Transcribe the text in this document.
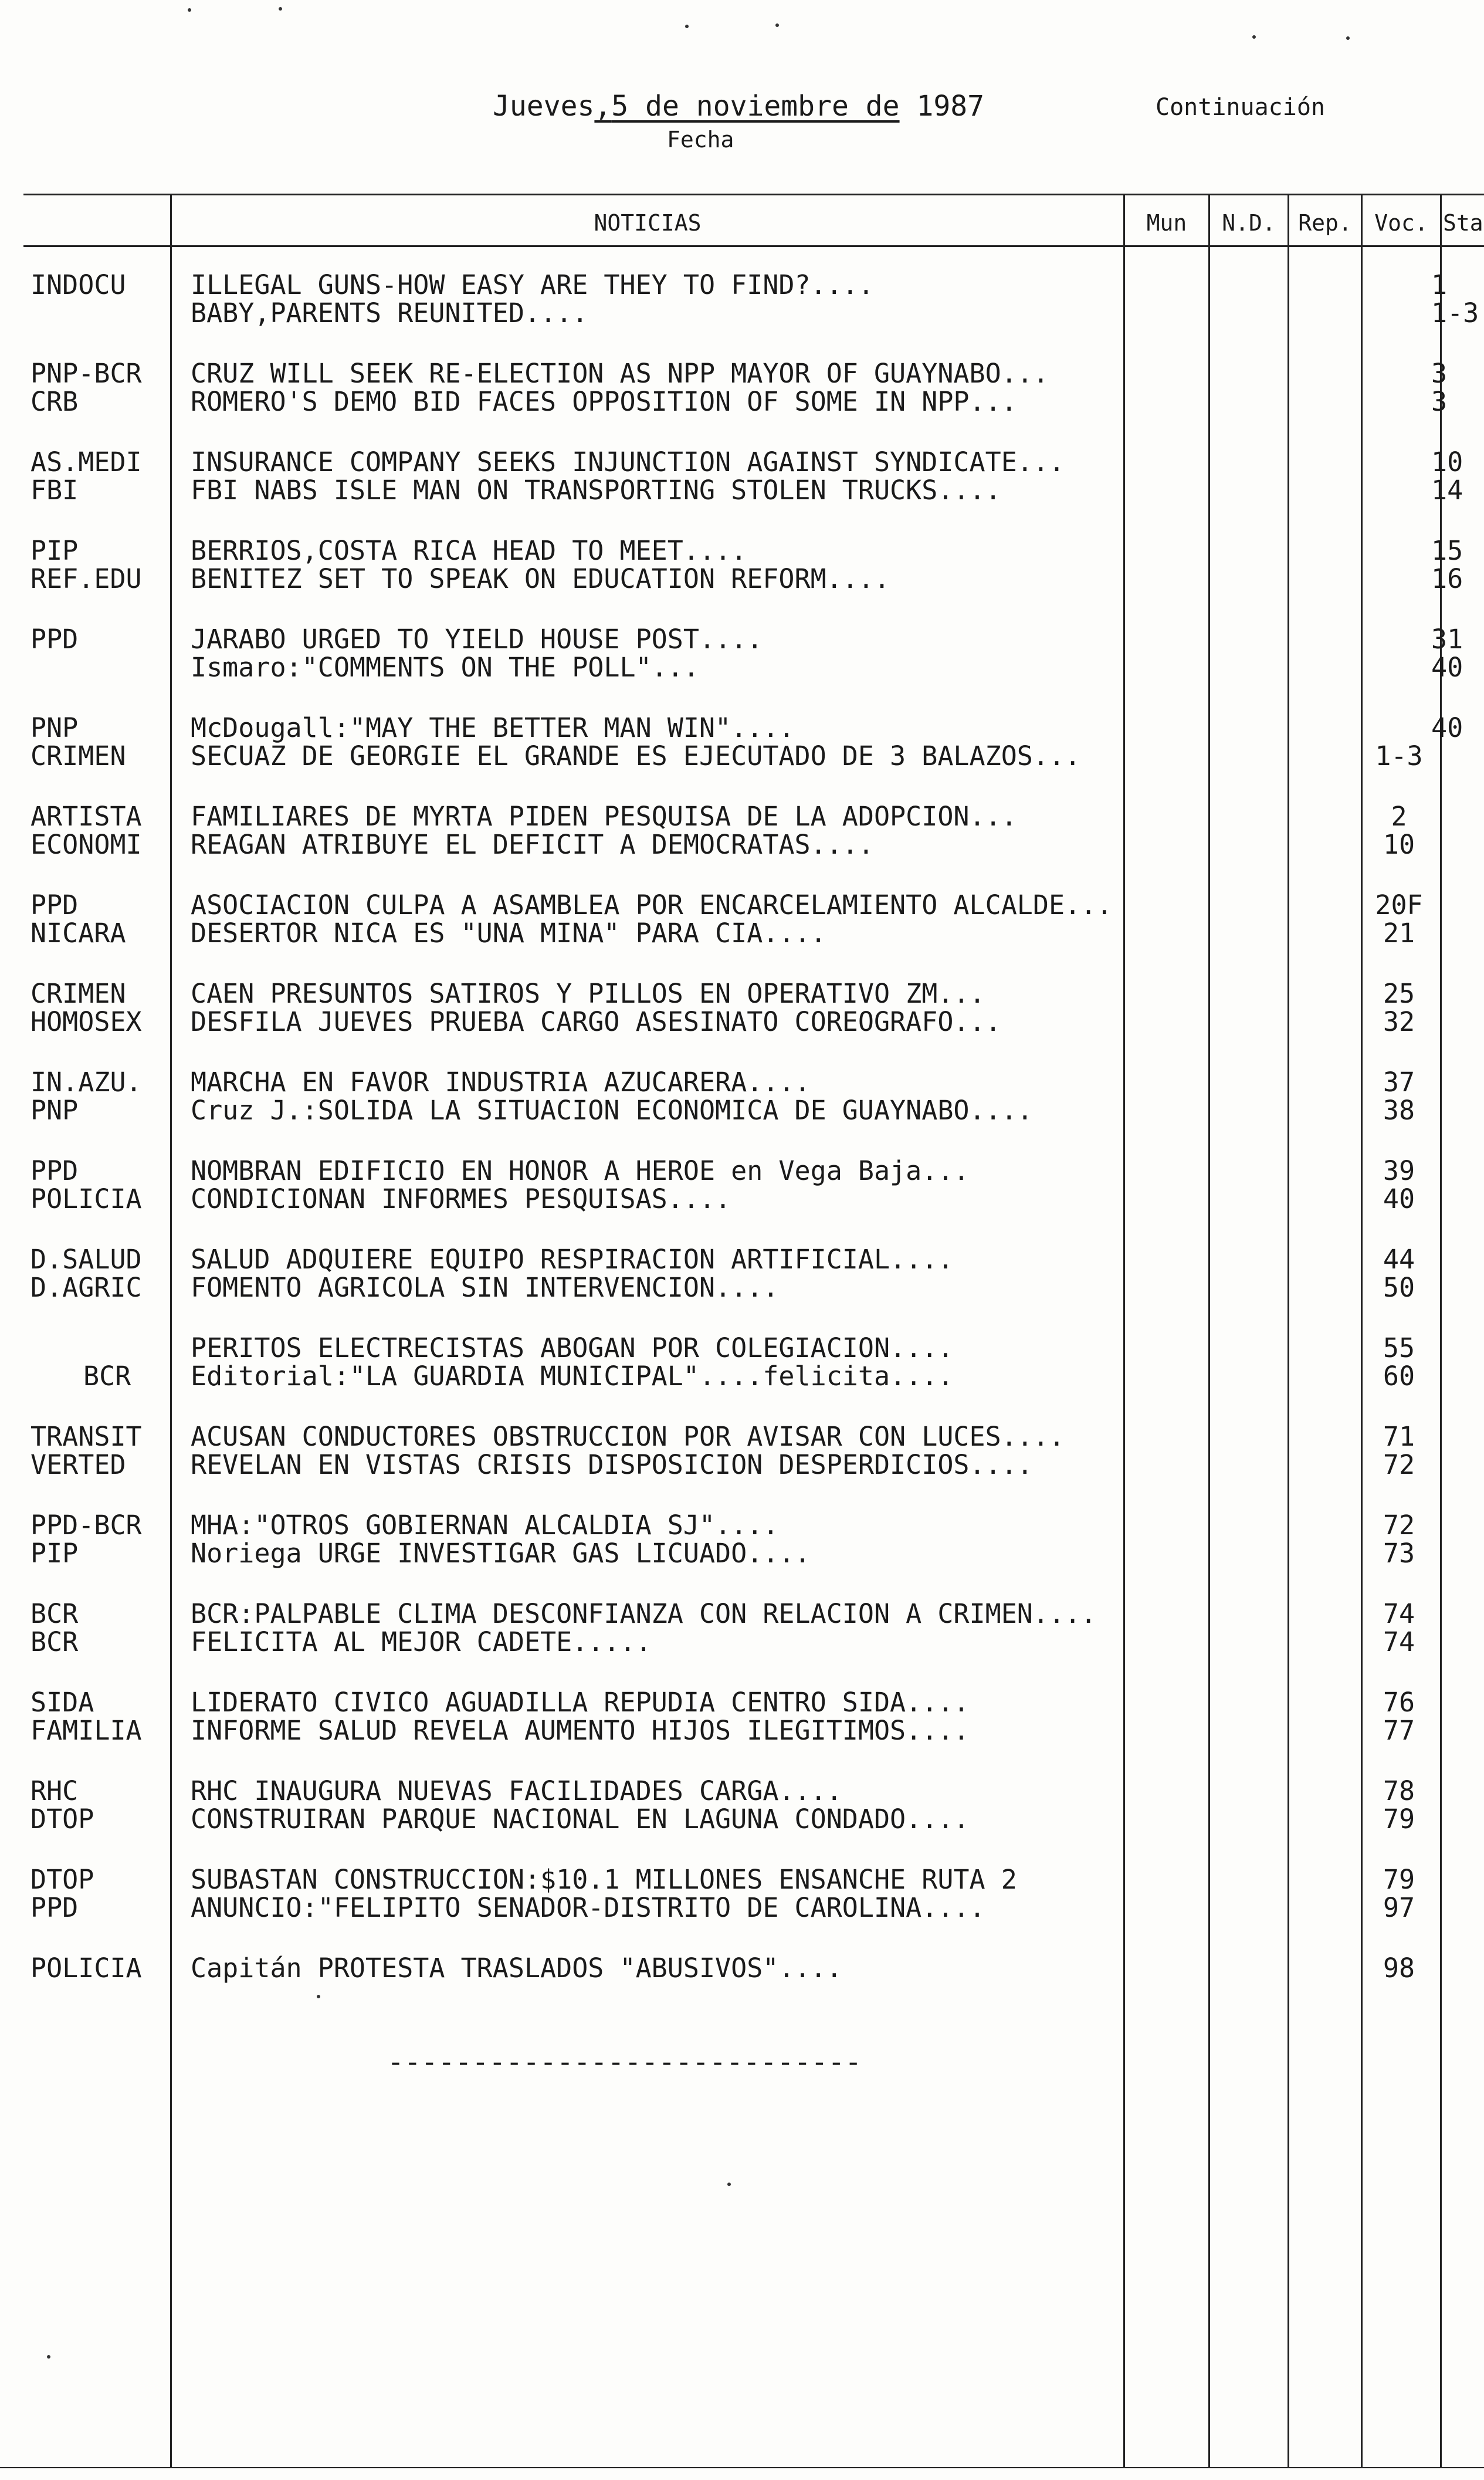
Jueves,5 de noviembre de 1987
Fecha
Continuación
NOTICIAS	Mun	N.D.	Rep.	Voc. Sta
INDOCU ILLEGAL GUNS-HOW EASY ARE THEY TO FIND?....	1
BABY,PARENTS REUNITED....	1-3
PNP-BCR CRUZ WILL SEEK RE-ELECTION AS NPP MAYOR OF GUAYNABO...	3
CRB	ROMERO'S DEMO BID FACES OPPOSITION OF SOME IN NPP...	3
AS.MEDI INSURANCE COMPANY SEEKS INJUNCTION AGAINST SYNDICATE...	10
FBI	FBI NABS ISLE MAN ON TRANSPORTING STOLEN TRUCKS....	14
PIP	BERRIOS,COSTA RICA HEAD TO MEET....	15
REF.EDU BENITEZ SET TO SPEAK ON EDUCATION REFORM....	16
PPD	JARABO URGED TO YIELD HOUSE POST....	31
Ismaro:"COMMENTS ON THE POLL"...	40
PNP	McDougall:"MAY THE BETTER MAN WIN"....	40
CRIMEN SECUAZ DE GEORGIE EL GRANDE ES EJECUTADO DE 3 BALAZOS...	1-3
ARTISTA FAMILIARES DE MYRTA PIDEN PESQUISA DE LA ADOPCION...	2
ECONOMI REAGAN ATRIBUYE EL DEFICIT A DEMOCRATAS....	10
PPD	ASOCIACION CULPA A ASAMBLEA POR ENCARCELAMIENTO ALCALDE...	20F
NICARA DESERTOR NICA ES "UNA MINA" PARA CIA....	21
CRIMEN CAEN PRESUNTOS SATIROS Y PILLOS EN OPERATIVO ZM...	25
HOMOSEX DESFILA JUEVES PRUEBA CARGO ASESINATO COREOGRAFO...	32
IN.AZU. MARCHA EN FAVOR INDUSTRIA AZUCARERA....	37
PNP	Cruz J.:SOLIDA LA SITUACION ECONOMICA DE GUAYNABO....	38
PPD	NOMBRAN EDIFICIO EN HONOR A HEROE en Vega Baja...	39
POLICIA CONDICIONAN INFORMES PESQUISAS....	40
D.SALUD SALUD ADQUIERE EQUIPO RESPIRACION ARTIFICIAL....	44
D.AGRIC FOMENTO AGRICOLA SIN INTERVENCION....	50
PERITOS ELECTRECISTAS ABOGAN POR COLEGIACION....	55
BCR Editorial:"LA GUARDIA MUNICIPAL"....felicita....	60
TRANSIT ACUSAN CONDUCTORES OBSTRUCCION POR AVISAR CON LUCES....	71
VERTED REVELAN EN VISTAS CRISIS DISPOSICION DESPERDICIOS....	72
PPD-BCR MHA:"OTROS GOBIERNAN ALCALDIA SJ"....	72
PIP	Noriega URGE INVESTIGAR GAS LICUADO....	73
BCR	BCR:PALPABLE CLIMA DESCONFIANZA CON RELACION A CRIMEN....	74
BCR	FELICITA AL MEJOR CADETE.....	74
SIDA	LIDERATO CIVICO AGUADILLA REPUDIA CENTRO SIDA....	76
FAMILIA INFORME SALUD REVELA AUMENTO HIJOS ILEGITIMOS....	77
RHC	RHC INAUGURA NUEVAS FACILIDADES CARGA....	78
DTOP	CONSTRUIRAN PARQUE NACIONAL EN LAGUNA CONDADO....	79
DTOP	SUBASTAN CONSTRUCCION:$10.1 MILLONES ENSANCHE RUTA 2	79
PPD	ANUNCIO:"FELIPITO SENADOR-DISTRITO DE CAROLINA....	97
POLICIA Capitán PROTESTA TRASLADOS "ABUSIVOS"....	98
----------------------------
